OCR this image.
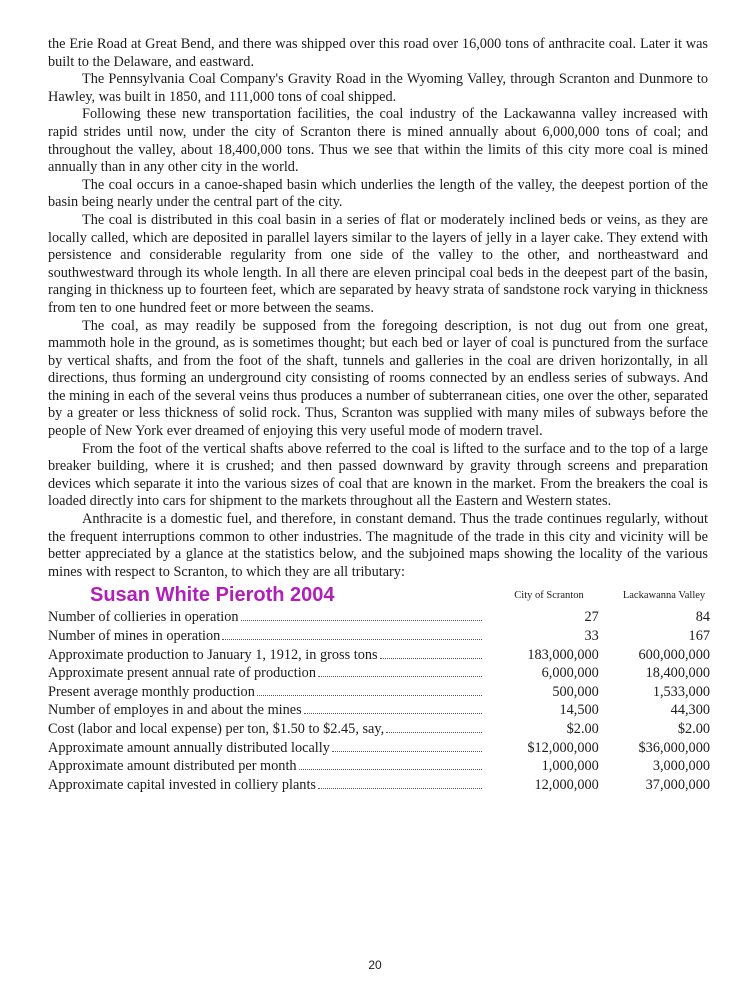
the Erie Road at Great Bend, and there was shipped over this road over 16,000 tons of anthracite coal. Later it was built to the Delaware, and eastward.

The Pennsylvania Coal Company's Gravity Road in the Wyoming Valley, through Scranton and Dunmore to Hawley, was built in 1850, and 111,000 tons of coal shipped.

Following these new transportation facilities, the coal industry of the Lackawanna valley increased with rapid strides until now, under the city of Scranton there is mined annually about 6,000,000 tons of coal; and throughout the valley, about 18,400,000 tons. Thus we see that within the limits of this city more coal is mined annually than in any other city in the world.

The coal occurs in a canoe-shaped basin which underlies the length of the valley, the deepest portion of the basin being nearly under the central part of the city.

The coal is distributed in this coal basin in a series of flat or moderately inclined beds or veins, as they are locally called, which are deposited in parallel layers similar to the layers of jelly in a layer cake. They extend with persistence and considerable regularity from one side of the valley to the other, and northeastward and southwestward through its whole length. In all there are eleven principal coal beds in the deepest part of the basin, ranging in thickness up to fourteen feet, which are separated by heavy strata of sandstone rock varying in thickness from ten to one hundred feet or more between the seams.

The coal, as may readily be supposed from the foregoing description, is not dug out from one great, mammoth hole in the ground, as is sometimes thought; but each bed or layer of coal is punctured from the surface by vertical shafts, and from the foot of the shaft, tunnels and galleries in the coal are driven horizontally, in all directions, thus forming an underground city consisting of rooms connected by an endless series of subways. And the mining in each of the several veins thus produces a number of subterranean cities, one over the other, separated by a greater or less thickness of solid rock. Thus, Scranton was supplied with many miles of subways before the people of New York ever dreamed of enjoying this very useful mode of modern travel.

From the foot of the vertical shafts above referred to the coal is lifted to the surface and to the top of a large breaker building, where it is crushed; and then passed downward by gravity through screens and preparation devices which separate it into the various sizes of coal that are known in the market. From the breakers the coal is loaded directly into cars for shipment to the markets throughout all the Eastern and Western states.

Anthracite is a domestic fuel, and therefore, in constant demand. Thus the trade continues regularly, without the frequent interruptions common to other industries. The magnitude of the trade in this city and vicinity will be better appreciated by a glance at the statistics below, and the subjoined maps showing the locality of the various mines with respect to Scranton, to which they are all tributary:

Susan White Pieroth 2004	City of Scranton	Lackawanna Valley
Number of collieries in operation	27	84

Number of mines in operation	33	167

Approximate production to January 1, 1912, in gross tons	183,000,000	600,000,000

Approximate present annual rate of production	6,000,000	18,400,000

Present average monthly production	500,000	1,533,000

Number of employes in and about the mines	14,500	44,300

Cost (labor and local expense) per ton, $1.50 to $2.45, say,	$2.00	$2.00

Approximate amount annually distributed locally	$12,000,000	$36,000,000

Approximate amount distributed per month	1,000,000	3,000,000

Approximate capital invested in colliery plants	12,000,000	37,000,000
20
